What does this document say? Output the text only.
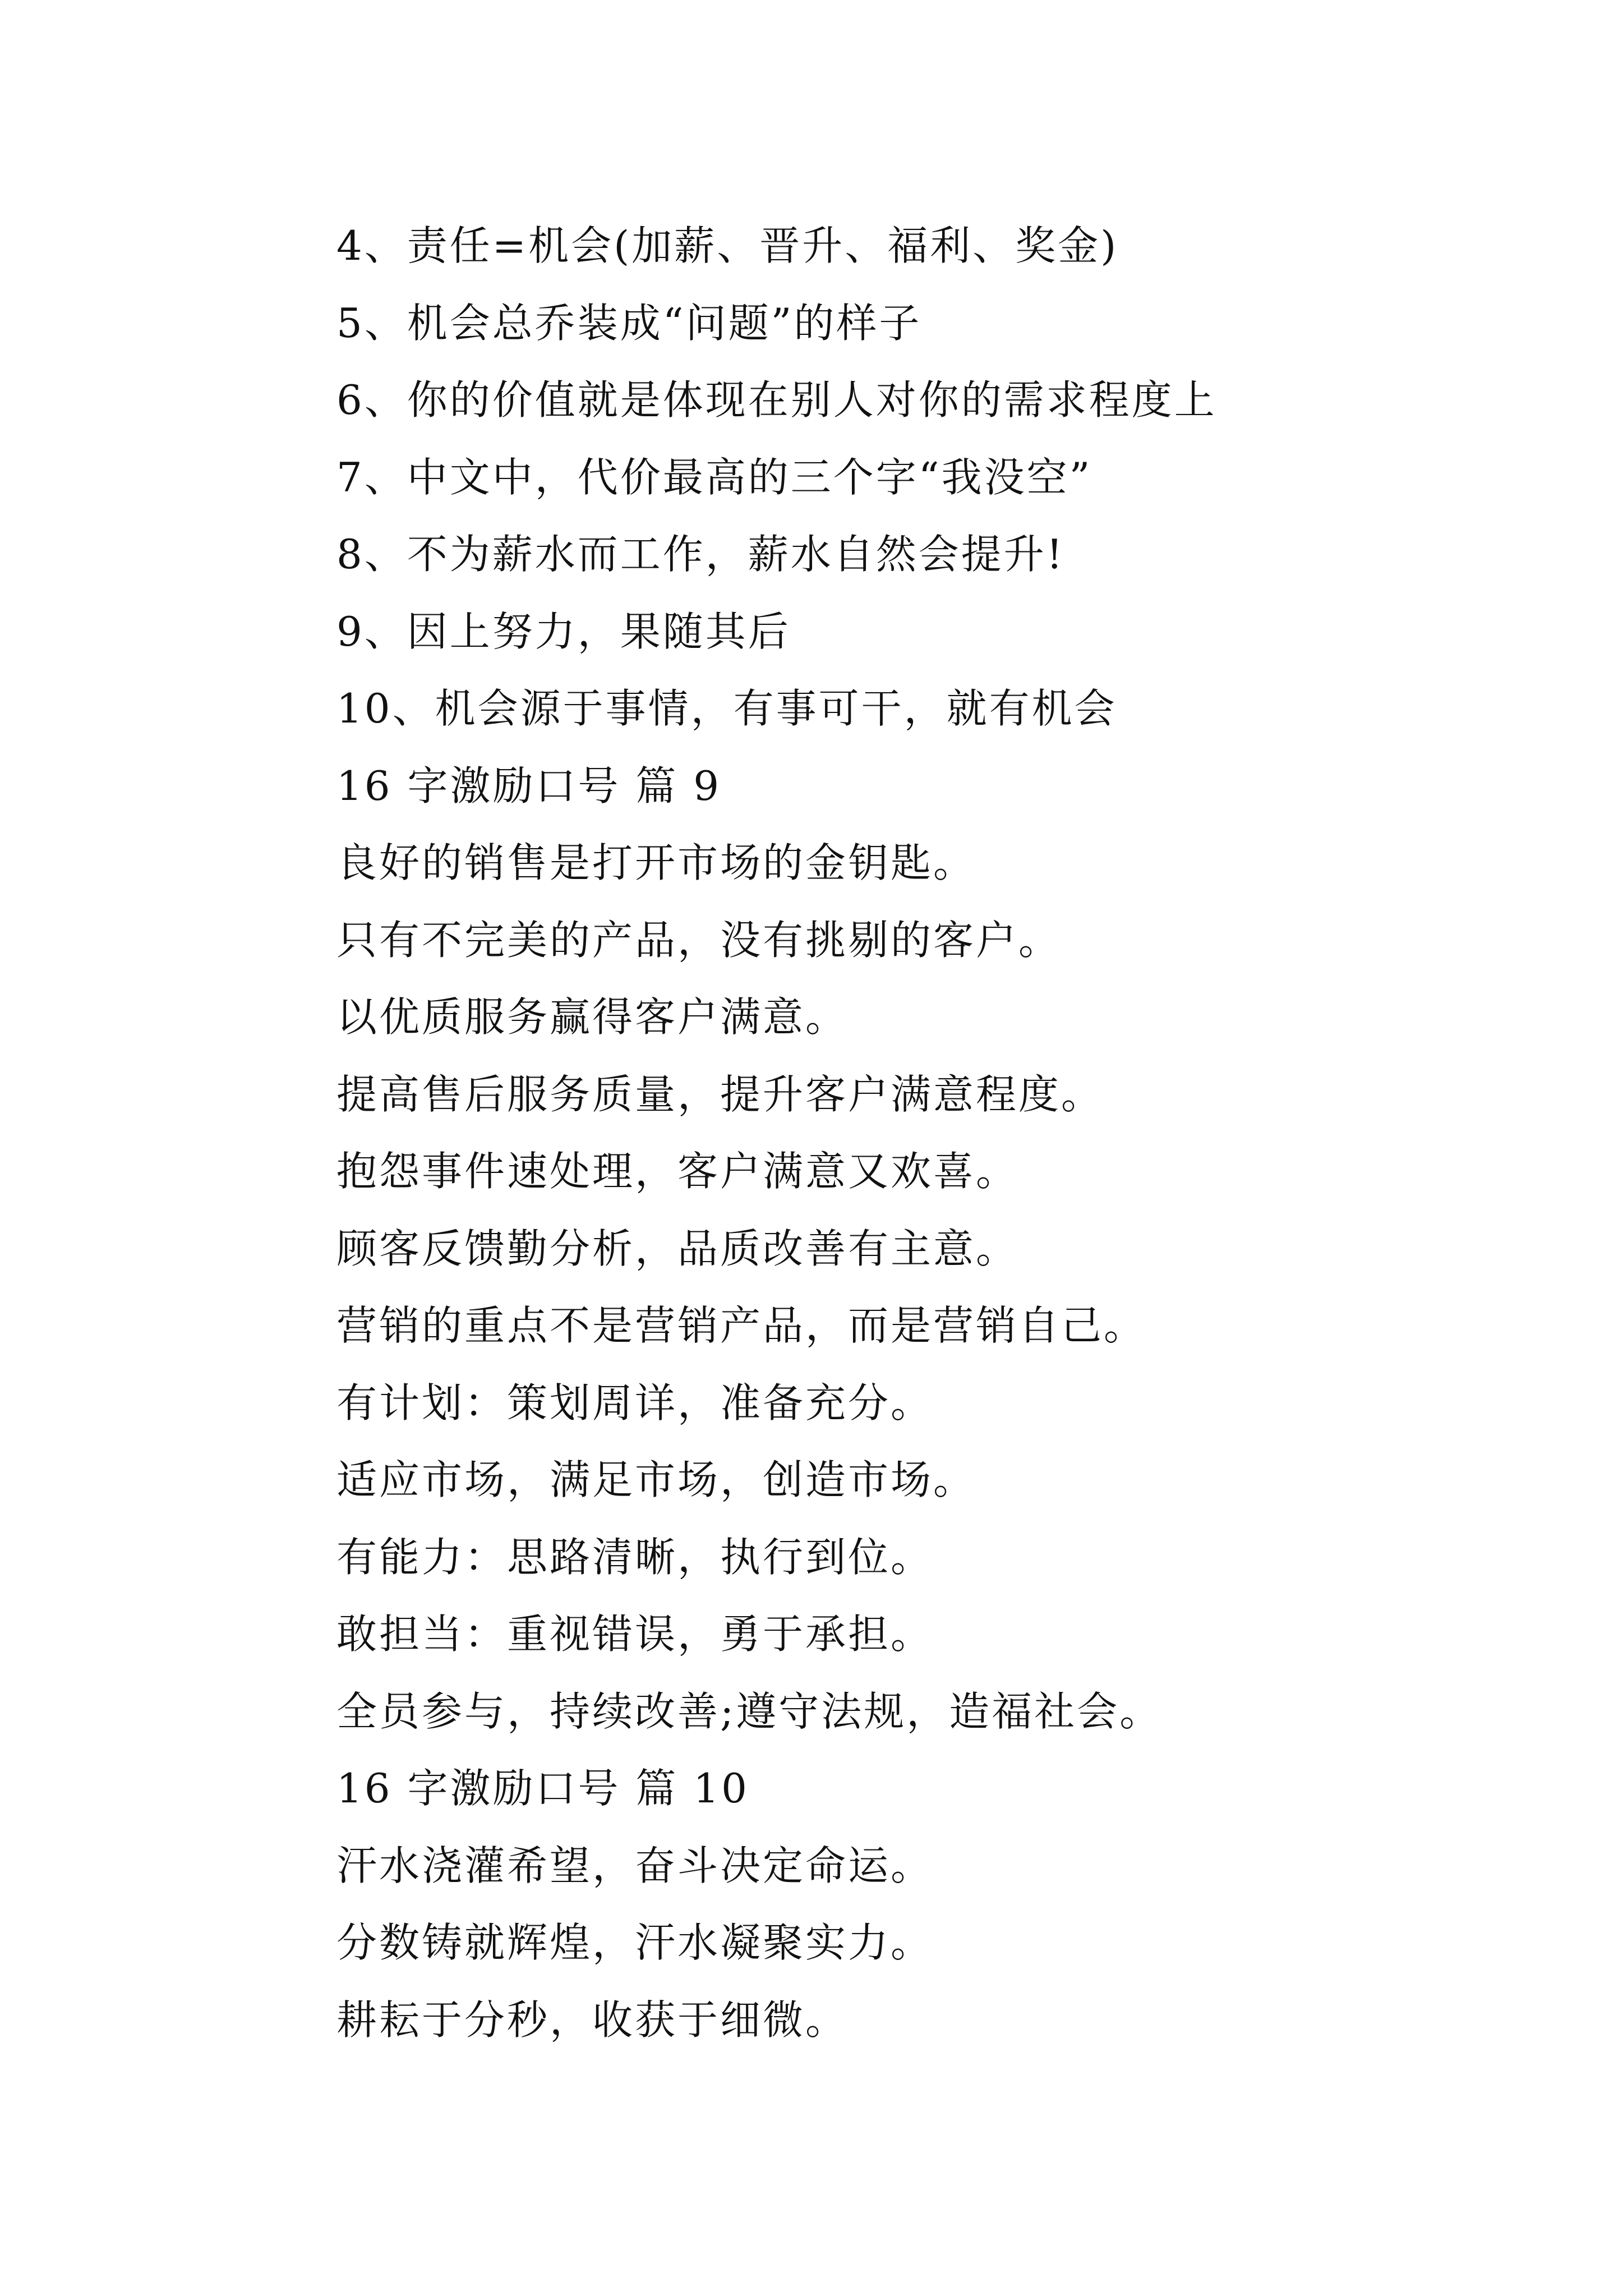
4、责任=机会(加薪、晋升、福利、奖金)
5、机会总乔装成“问题”的样子
6、你的价值就是体现在别人对你的需求程度上
7、中文中，代价最高的三个字“我没空”
8、不为薪水而工作，薪水自然会提升!
9、因上努力，果随其后
10、机会源于事情，有事可干，就有机会
16 字激励口号 篇 9
良好的销售是打开市场的金钥匙。
只有不完美的产品，没有挑剔的客户。
以优质服务赢得客户满意。
提高售后服务质量，提升客户满意程度。
抱怨事件速处理，客户满意又欢喜。
顾客反馈勤分析，品质改善有主意。
营销的重点不是营销产品，而是营销自己。
有计划：策划周详，准备充分。
适应市场，满足市场，创造市场。
有能力：思路清晰，执行到位。
敢担当：重视错误，勇于承担。
全员参与，持续改善;遵守法规，造福社会。
16 字激励口号 篇 10
汗水浇灌希望，奋斗决定命运。
分数铸就辉煌，汗水凝聚实力。
耕耘于分秒，收获于细微。
